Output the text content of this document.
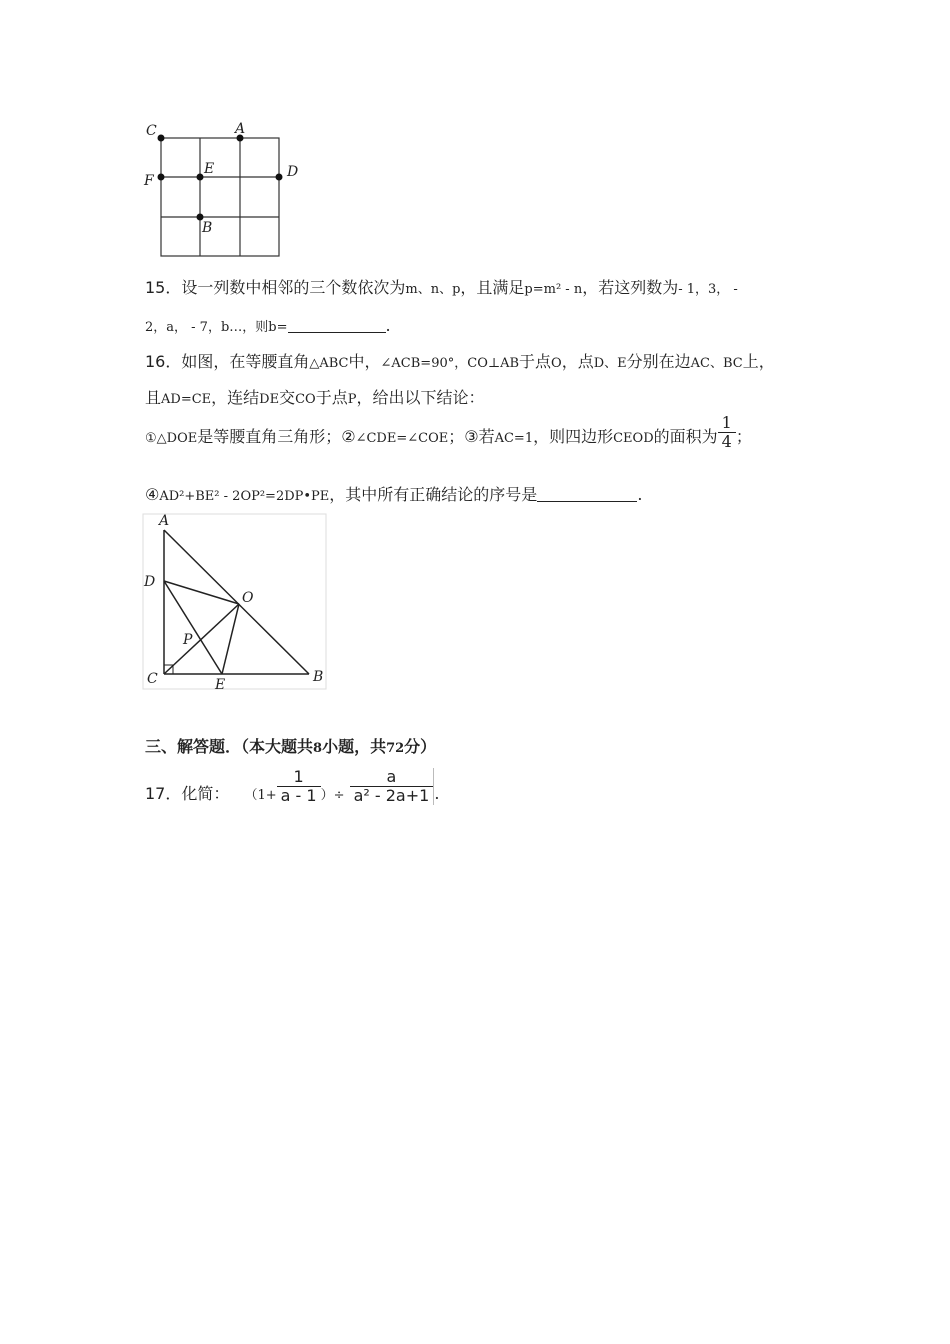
C	A
E	D
F
B
15．设一列数中相邻的三个数依次为m、n、p，且满足p=m² - n，若这列数为- 1，3， -
2，a， - 7，b…，则b=	.
16．如图，在等腰直角△ABC中，∠ACB=90°，CO⊥AB于点O，点D、E分别在边AC、BC上，
且AD=CE，连结DE交CO于点P，给出以下结论：
①△DOE是等腰直角三角形；②∠CDE=∠COE；③若AC=1，则四边形CEOD的面积为 $\frac{1}{4}$ ；
④AD²+BE² - 2OP²=2DP•PE，其中所有正确结论的序号是	.
A
D
O
P
C	E	B
三、解答题．（本大题共8小题，共72分）
17．化简： （$1+ \frac{1}{a - 1}$ ）÷ $\frac{a}{\text{a² - 2a+1}}$ .
